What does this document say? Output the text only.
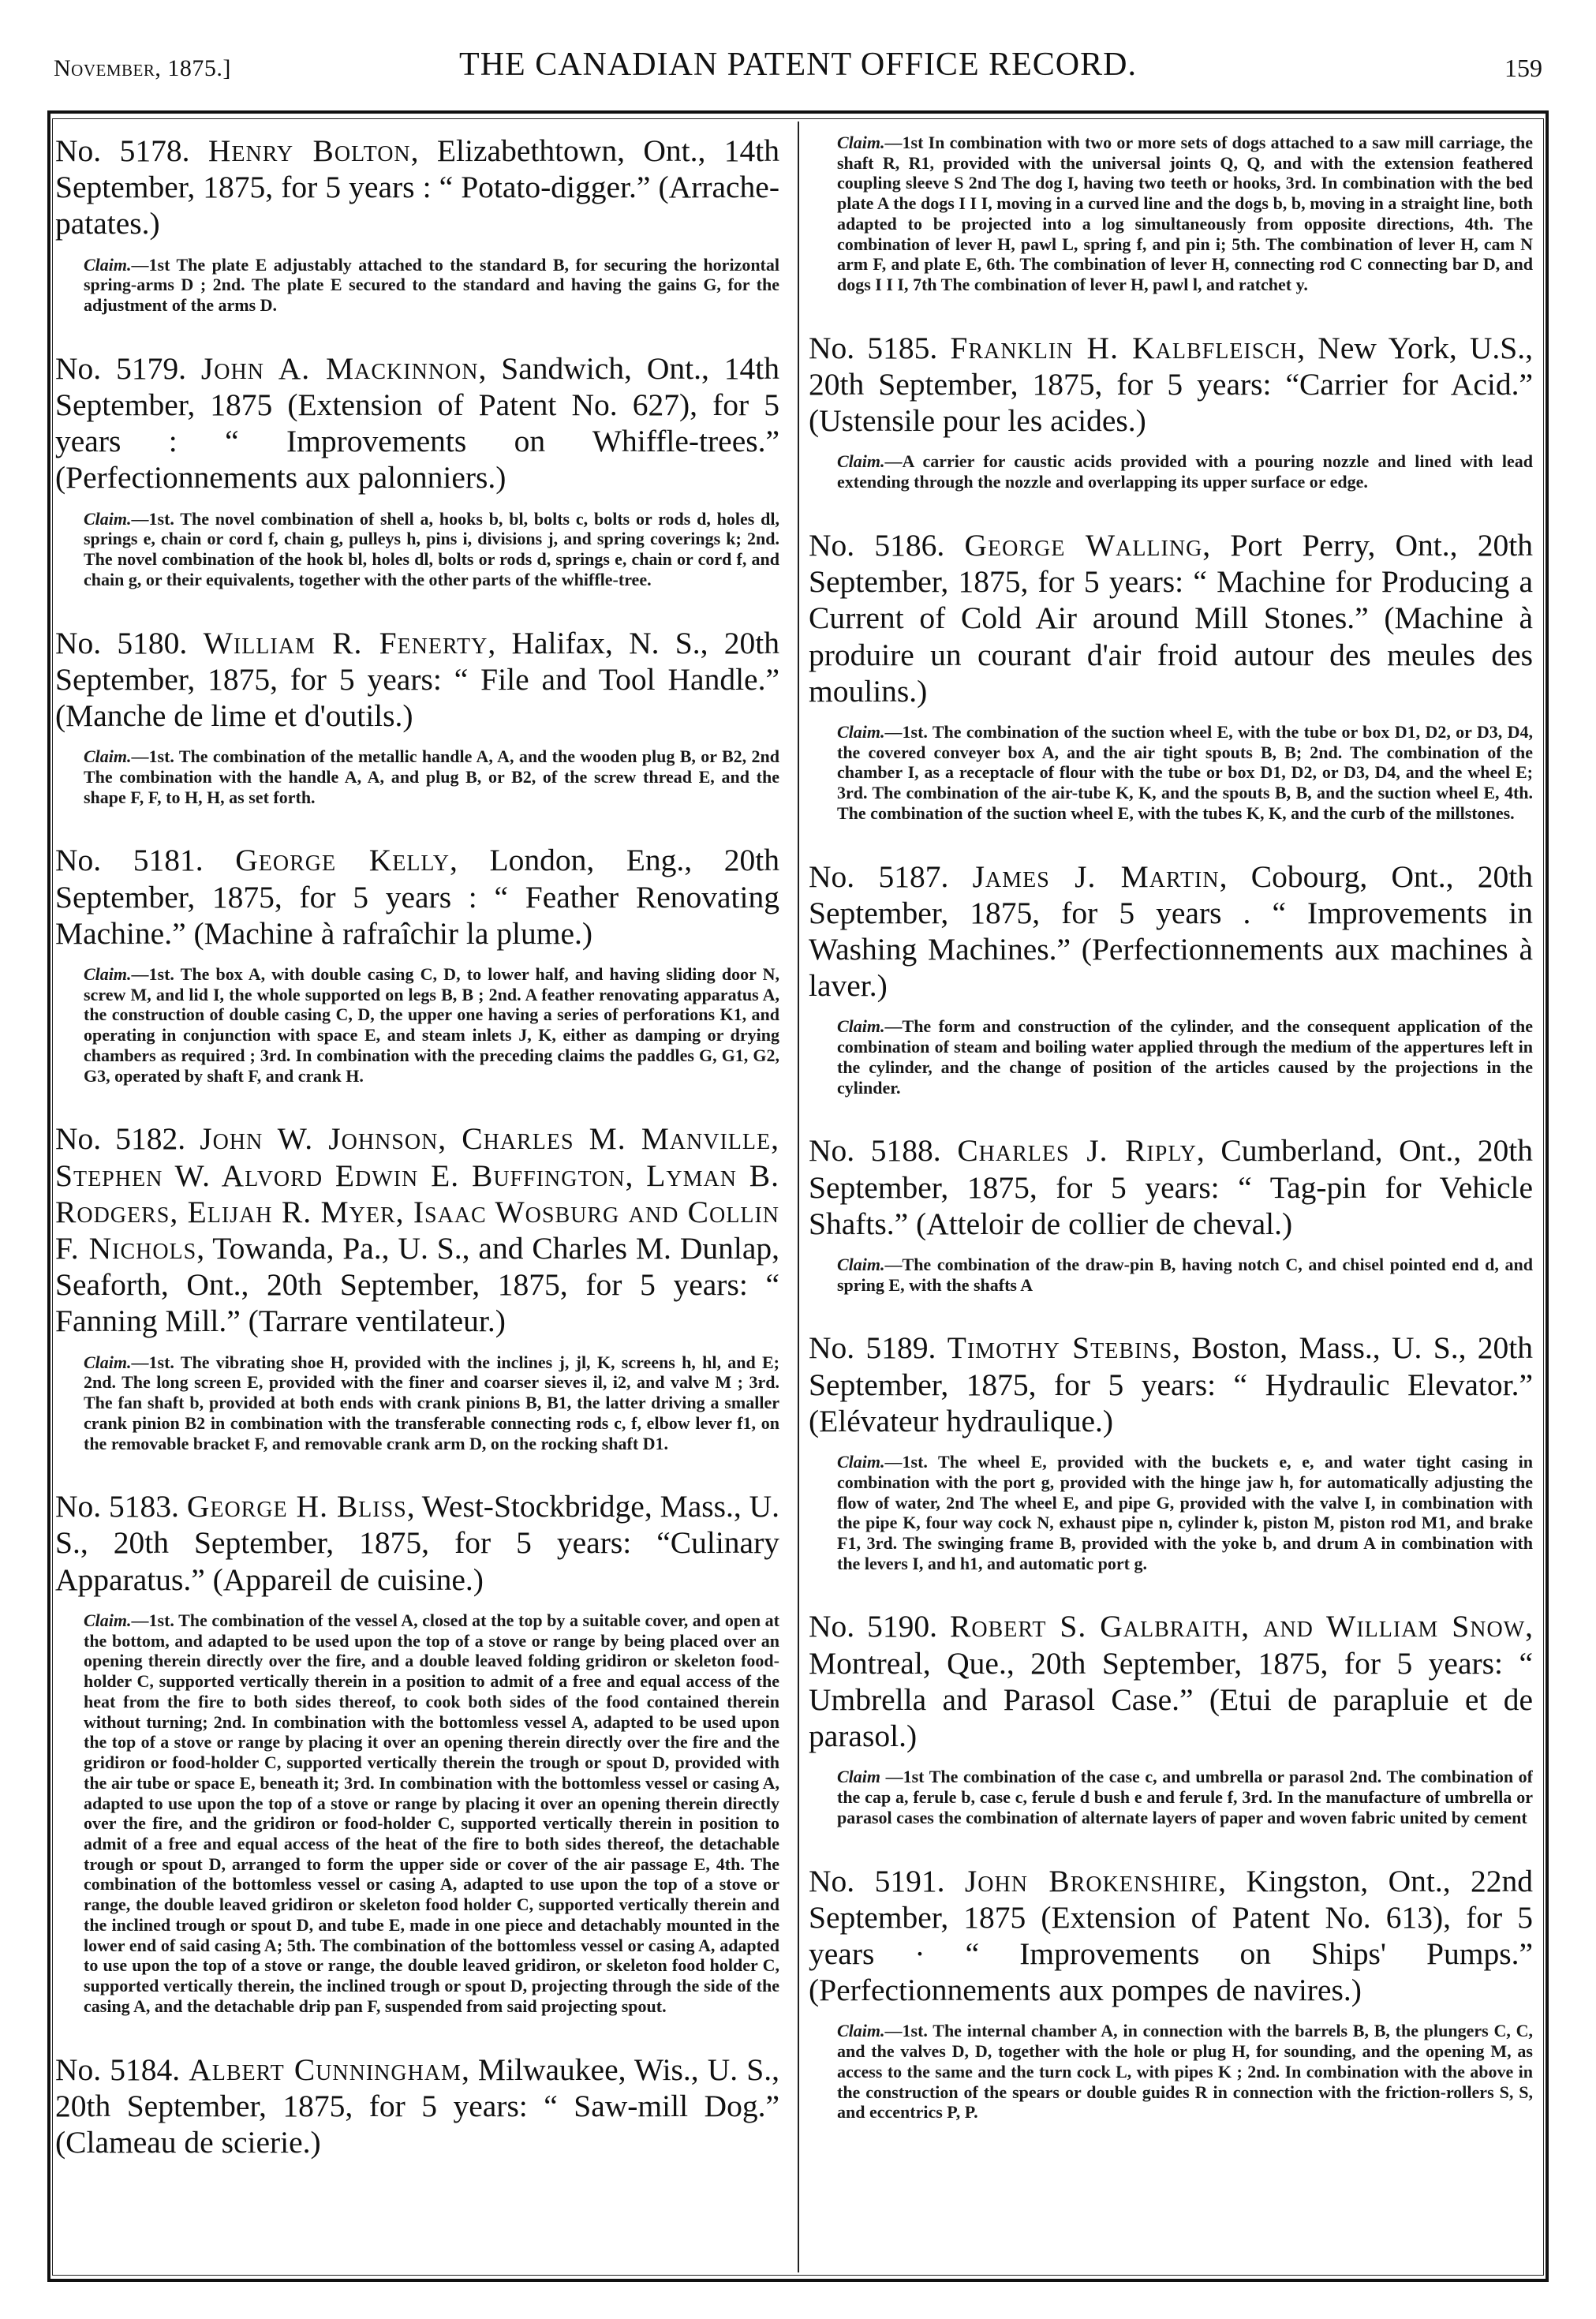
November, 1875.]	THE CANADIAN PATENT OFFICE RECORD.	159

No. 5178. Henry Bolton, Elizabethtown, Ont., 14th September, 1875, for 5 years : “ Potato-digger.” (Arrache-patates.)

Claim.—1st The plate E adjustably attached to the standard B, for securing the horizontal spring-arms D ; 2nd. The plate E secured to the standard and having the gains G, for the adjustment of the arms D.

No. 5179. John A. Mackinnon, Sandwich, Ont., 14th September, 1875 (Extension of Patent No. 627), for 5 years : “ Improvements on Whiffle-trees.” (Perfectionnements aux palonniers.)

Claim.—1st. The novel combination of shell a, hooks b, bl, bolts c, bolts or rods d, holes dl, springs e, chain or cord f, chain g, pulleys h, pins i, divisions j, and spring coverings k; 2nd. The novel combination of the hook bl, holes dl, bolts or rods d, springs e, chain or cord f, and chain g, or their equivalents, together with the other parts of the whiffle-tree.

No. 5180. William R. Fenerty, Halifax, N. S., 20th September, 1875, for 5 years: “ File and Tool Handle.” (Manche de lime et d'outils.)

Claim.—1st. The combination of the metallic handle A, A, and the wooden plug B, or B2, 2nd The combination with the handle A, A, and plug B, or B2, of the screw thread E, and the shape F, F, to H, H, as set forth.

No. 5181. George Kelly, London, Eng., 20th September, 1875, for 5 years : “ Feather Renovating Machine.” (Machine à rafraîchir la plume.)

Claim.—1st. The box A, with double casing C, D, to lower half, and having sliding door N, screw M, and lid I, the whole supported on legs B, B ; 2nd. A feather renovating apparatus A, the construction of double casing C, D, the upper one having a series of perforations K1, and operating in conjunction with space E, and steam inlets J, K, either as damping or drying chambers as required ; 3rd. In combination with the preceding claims the paddles G, G1, G2, G3, operated by shaft F, and crank H.

No. 5182. John W. Johnson, Charles M. Manville, Stephen W. Alvord Edwin E. Buffington, Lyman B. Rodgers, Elijah R. Myer, Isaac Wosburg and Collin F. Nichols, Towanda, Pa., U. S., and Charles M. Dunlap, Seaforth, Ont., 20th September, 1875, for 5 years: “ Fanning Mill.” (Tarrare ventilateur.)

Claim.—1st. The vibrating shoe H, provided with the inclines j, jl, K, screens h, hl, and E; 2nd. The long screen E, provided with the finer and coarser sieves il, i2, and valve M ; 3rd. The fan shaft b, provided at both ends with crank pinions B, B1, the latter driving a smaller crank pinion B2 in combination with the transferable connecting rods c, f, elbow lever f1, on the removable bracket F, and removable crank arm D, on the rocking shaft D1.

No. 5183. George H. Bliss, West-Stockbridge, Mass., U. S., 20th September, 1875, for 5 years: “Culinary Apparatus.” (Appareil de cuisine.)

Claim.—1st. The combination of the vessel A, closed at the top by a suitable cover, and open at the bottom, and adapted to be used upon the top of a stove or range by being placed over an opening therein directly over the fire, and a double leaved folding gridiron or skeleton food-holder C, supported vertically therein in a position to admit of a free and equal access of the heat from the fire to both sides thereof, to cook both sides of the food contained therein without turning; 2nd. In combination with the bottomless vessel A, adapted to be used upon the top of a stove or range by placing it over an opening therein directly over the fire and the gridiron or food-holder C, supported vertically therein the trough or spout D, provided with the air tube or space E, beneath it; 3rd. In combination with the bottomless vessel or casing A, adapted to use upon the top of a stove or range by placing it over an opening therein directly over the fire, and the gridiron or food-holder C, supported vertically therein in position to admit of a free and equal access of the heat of the fire to both sides thereof, the detachable trough or spout D, arranged to form the upper side or cover of the air passage E, 4th. The combination of the bottomless vessel or casing A, adapted to use upon the top of a stove or range, the double leaved gridiron or skeleton food holder C, supported vertically therein and the inclined trough or spout D, and tube E, made in one piece and detachably mounted in the lower end of said casing A; 5th. The combination of the bottomless vessel or casing A, adapted to use upon the top of a stove or range, the double leaved gridiron, or skeleton food holder C, supported vertically therein, the inclined trough or spout D, projecting through the side of the casing A, and the detachable drip pan F, suspended from said projecting spout.

No. 5184. Albert Cunningham, Milwaukee, Wis., U. S., 20th September, 1875, for 5 years: “ Saw-mill Dog.” (Clameau de scierie.)

Claim.—1st In combination with two or more sets of dogs attached to a saw mill carriage, the shaft R, R1, provided with the universal joints Q, Q, and with the extension feathered coupling sleeve S 2nd The dog I, having two teeth or hooks, 3rd. In combination with the bed plate A the dogs I I I, moving in a curved line and the dogs b, b, moving in a straight line, both adapted to be projected into a log simultaneously from opposite directions, 4th. The combination of lever H, pawl L, spring f, and pin i; 5th. The combination of lever H, cam N arm F, and plate E, 6th. The combination of lever H, connecting rod C connecting bar D, and dogs I I I, 7th The combination of lever H, pawl l, and ratchet y.

No. 5185. Franklin H. Kalbfleisch, New York, U.S., 20th September, 1875, for 5 years: “Carrier for Acid.” (Ustensile pour les acides.)

Claim.—A carrier for caustic acids provided with a pouring nozzle and lined with lead extending through the nozzle and overlapping its upper surface or edge.

No. 5186. George Walling, Port Perry, Ont., 20th September, 1875, for 5 years: “ Machine for Producing a Current of Cold Air around Mill Stones.” (Machine à produire un courant d'air froid autour des meules des moulins.)

Claim.—1st. The combination of the suction wheel E, with the tube or box D1, D2, or D3, D4, the covered conveyer box A, and the air tight spouts B, B; 2nd. The combination of the chamber I, as a receptacle of flour with the tube or box D1, D2, or D3, D4, and the wheel E; 3rd. The combination of the air-tube K, K, and the spouts B, B, and the suction wheel E, 4th. The combination of the suction wheel E, with the tubes K, K, and the curb of the millstones.

No. 5187. James J. Martin, Cobourg, Ont., 20th September, 1875, for 5 years . “ Improvements in Washing Machines.” (Perfectionnements aux machines à laver.)

Claim.—The form and construction of the cylinder, and the consequent application of the combination of steam and boiling water applied through the medium of the appertures left in the cylinder, and the change of position of the articles caused by the projections in the cylinder.

No. 5188. Charles J. Riply, Cumberland, Ont., 20th September, 1875, for 5 years: “ Tag-pin for Vehicle Shafts.” (Atteloir de collier de cheval.)

Claim.—The combination of the draw-pin B, having notch C, and chisel pointed end d, and spring E, with the shafts A

No. 5189. Timothy Stebins, Boston, Mass., U. S., 20th September, 1875, for 5 years: “ Hydraulic Elevator.” (Elévateur hydraulique.)

Claim.—1st. The wheel E, provided with the buckets e, e, and water tight casing in combination with the port g, provided with the hinge jaw h, for automatically adjusting the flow of water, 2nd The wheel E, and pipe G, provided with the valve I, in combination with the pipe K, four way cock N, exhaust pipe n, cylinder k, piston M, piston rod M1, and brake F1, 3rd. The swinging frame B, provided with the yoke b, and drum A in combination with the levers I, and h1, and automatic port g.

No. 5190. Robert S. Galbraith, and William Snow, Montreal, Que., 20th September, 1875, for 5 years: “ Umbrella and Parasol Case.” (Etui de parapluie et de parasol.)

Claim —1st The combination of the case c, and umbrella or parasol 2nd. The combination of the cap a, ferule b, case c, ferule d bush e and ferule f, 3rd. In the manufacture of umbrella or parasol cases the combination of alternate layers of paper and woven fabric united by cement

No. 5191. John Brokenshire, Kingston, Ont., 22nd September, 1875 (Extension of Patent No. 613), for 5 years · “ Improvements on Ships' Pumps.” (Perfectionnements aux pompes de navires.)

Claim.—1st. The internal chamber A, in connection with the barrels B, B, the plungers C, C, and the valves D, D, together with the hole or plug H, for sounding, and the opening M, as access to the same and the turn cock L, with pipes K ; 2nd. In combination with the above in the construction of the spears or double guides R in connection with the friction-rollers S, S, and eccentrics P, P.
